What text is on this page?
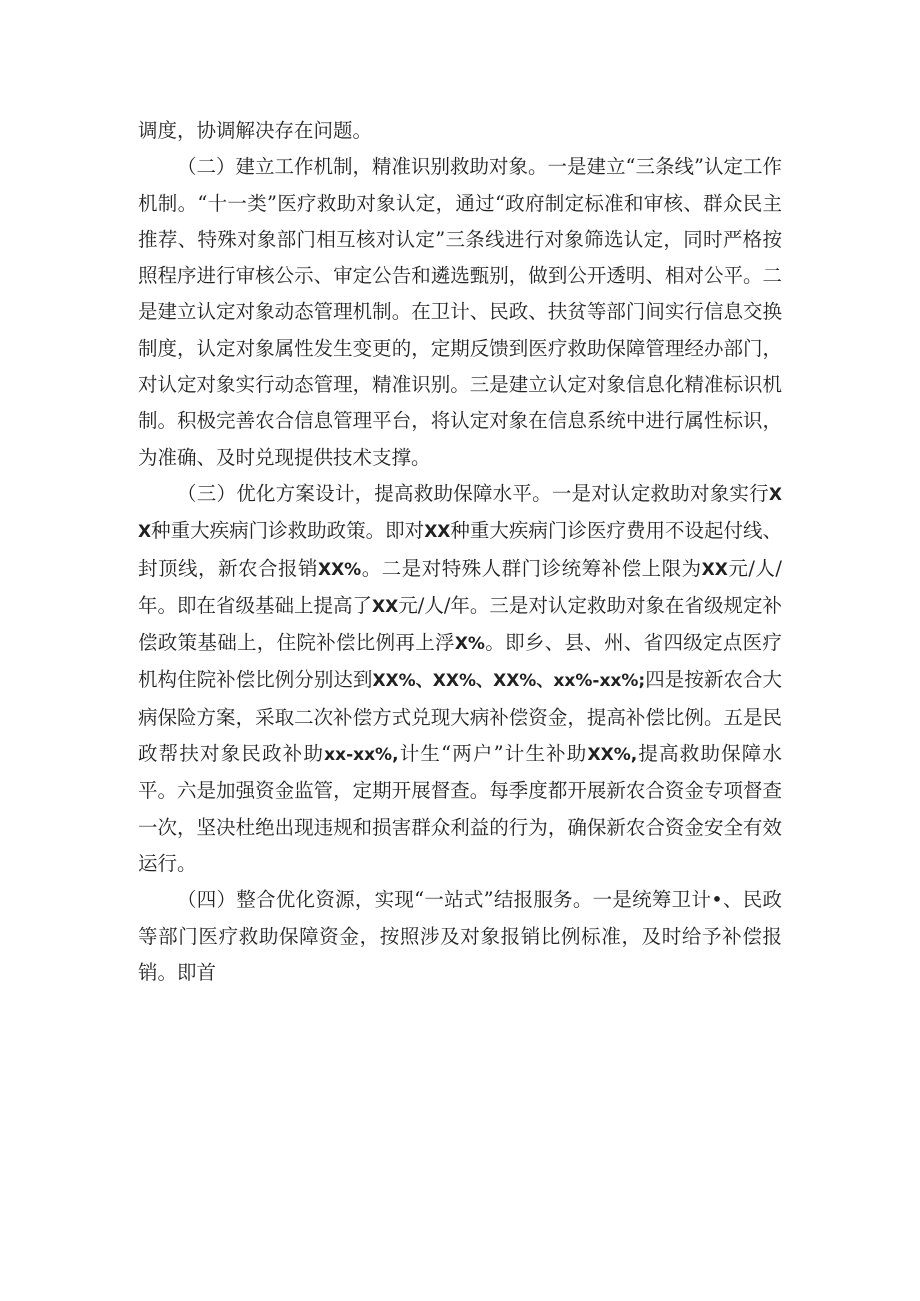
调度，协调解决存在问题。

（二）建立工作机制，精准识别救助对象。一是建立“三条线”认定工作机制。“十一类”医疗救助对象认定，通过“政府制定标准和审核、群众民主推荐、特殊对象部门相互核对认定”三条线进行对象筛选认定，同时严格按照程序进行审核公示、审定公告和遴选甄别，做到公开透明、相对公平。二是建立认定对象动态管理机制。在卫计、民政、扶贫等部门间实行信息交换制度，认定对象属性发生变更的，定期反馈到医疗救助保障管理经办部门，对认定对象实行动态管理，精准识别。三是建立认定对象信息化精准标识机制。积极完善农合信息管理平台，将认定对象在信息系统中进行属性标识，为准确、及时兑现提供技术支撑。

（三）优化方案设计，提高救助保障水平。一是对认定救助对象实行XX种重大疾病门诊救助政策。即对XX种重大疾病门诊医疗费用不设起付线、封顶线，新农合报销XX%。二是对特殊人群门诊统筹补偿上限为XX元/人/年。即在省级基础上提高了XX元/人/年。三是对认定救助对象在省级规定补偿政策基础上，住院补偿比例再上浮X%。即乡、县、州、省四级定点医疗机构住院补偿比例分别达到XX%、XX%、XX%、xx%-xx%;四是按新农合大病保险方案，采取二次补偿方式兑现大病补偿资金，提高补偿比例。五是民政帮扶对象民政补助xx-xx%,计生“两户”计生补助XX%,提高救助保障水平。六是加强资金监管，定期开展督查。每季度都开展新农合资金专项督查一次，坚决杜绝出现违规和损害群众利益的行为，确保新农合资金安全有效运行。

（四）整合优化资源，实现“一站式”结报服务。一是统筹卫计•、民政等部门医疗救助保障资金，按照涉及对象报销比例标准，及时给予补偿报销。即首
